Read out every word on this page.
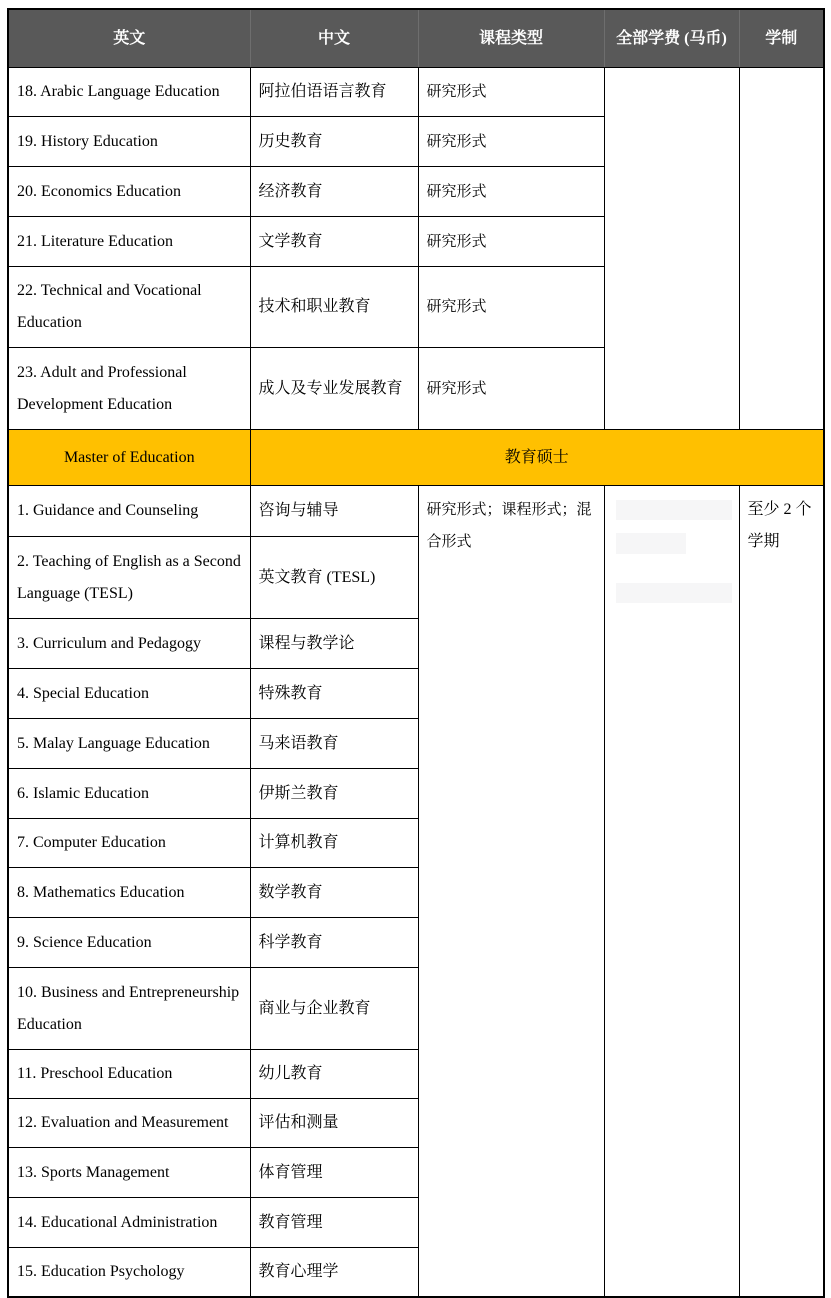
英文	中文	课程类型	全部学费 (马币)	学制
18. Arabic Language Education	阿拉伯语语言教育	研究形式		
19. History Education	历史教育	研究形式		
20. Economics Education	经济教育	研究形式		
21. Literature Education	文学教育	研究形式		
22. Technical and Vocational Education	技术和职业教育	研究形式		
23. Adult and Professional Development Education	成人及专业发展教育	研究形式		
Master of Education	教育硕士			
1. Guidance and Counseling	咨询与辅导	研究形式；课程形式；混合形式		至少 2 个学期
2. Teaching of English as a Second Language (TESL)	英文教育 (TESL)			
3. Curriculum and Pedagogy	课程与教学论			
4. Special Education	特殊教育			
5. Malay Language Education	马来语教育			
6. Islamic Education	伊斯兰教育			
7. Computer Education	计算机教育			
8. Mathematics Education	数学教育			
9. Science Education	科学教育			
10. Business and Entrepreneurship Education	商业与企业教育			
11. Preschool Education	幼儿教育			
12. Evaluation and Measurement	评估和测量			
13. Sports Management	体育管理			
14. Educational Administration	教育管理			
15. Education Psychology	教育心理学			
